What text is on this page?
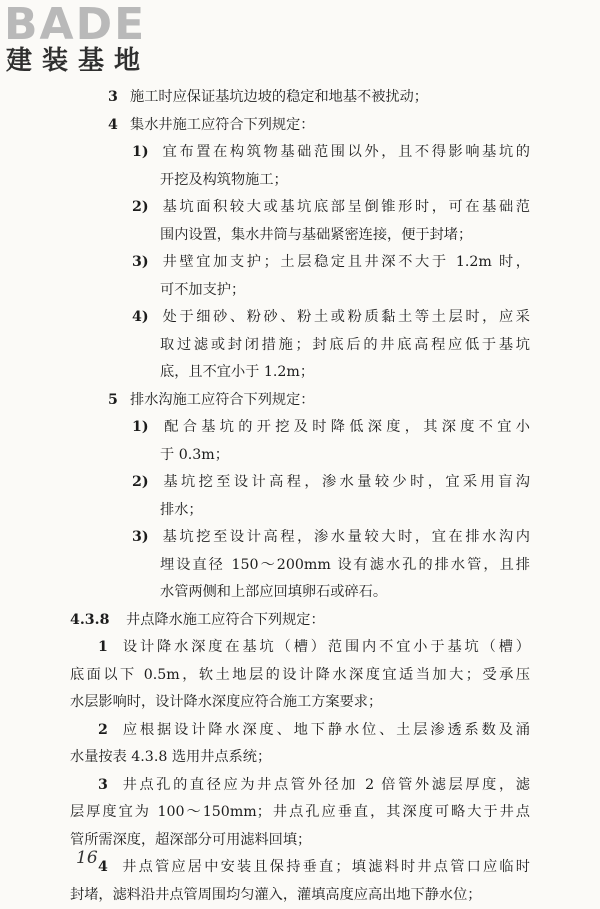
BADE
建装基地
3 施工时应保证基坑边坡的稳定和地基不被扰动；
4 集水井施工应符合下列规定：
1) 宜布置在构筑物基础范围以外，且不得影响基坑的
开挖及构筑物施工；
2) 基坑面积较大或基坑底部呈倒锥形时，可在基础范
围内设置，集水井筒与基础紧密连接，便于封堵；
3) 井壁宜加支护；土层稳定且井深不大于 1.2m 时，
可不加支护；
4) 处于细砂、粉砂、粉土或粉质黏土等土层时，应采
取过滤或封闭措施；封底后的井底高程应低于基坑
底，且不宜小于 1.2m；
5 排水沟施工应符合下列规定：
1) 配合基坑的开挖及时降低深度，其深度不宜小
于 0.3m；
2) 基坑挖至设计高程，渗水量较少时，宜采用盲沟
排水；
3) 基坑挖至设计高程，渗水量较大时，宜在排水沟内
埋设直径 150～200mm 设有滤水孔的排水管，且排
水管两侧和上部应回填卵石或碎石。
4.3.8 井点降水施工应符合下列规定：
1 设计降水深度在基坑（槽）范围内不宜小于基坑（槽）
底面以下 0.5m，软土地层的设计降水深度宜适当加大；受承压
水层影响时，设计降水深度应符合施工方案要求；
2 应根据设计降水深度、地下静水位、土层渗透系数及涌
水量按表 4.3.8 选用井点系统；
3 井点孔的直径应为井点管外径加 2 倍管外滤层厚度，滤
层厚度宜为 100～150mm；井点孔应垂直，其深度可略大于井点
管所需深度，超深部分可用滤料回填；
4 井点管应居中安装且保持垂直；填滤料时井点管口应临时
封堵，滤料沿井点管周围均匀灌入，灌填高度应高出地下静水位；
16
